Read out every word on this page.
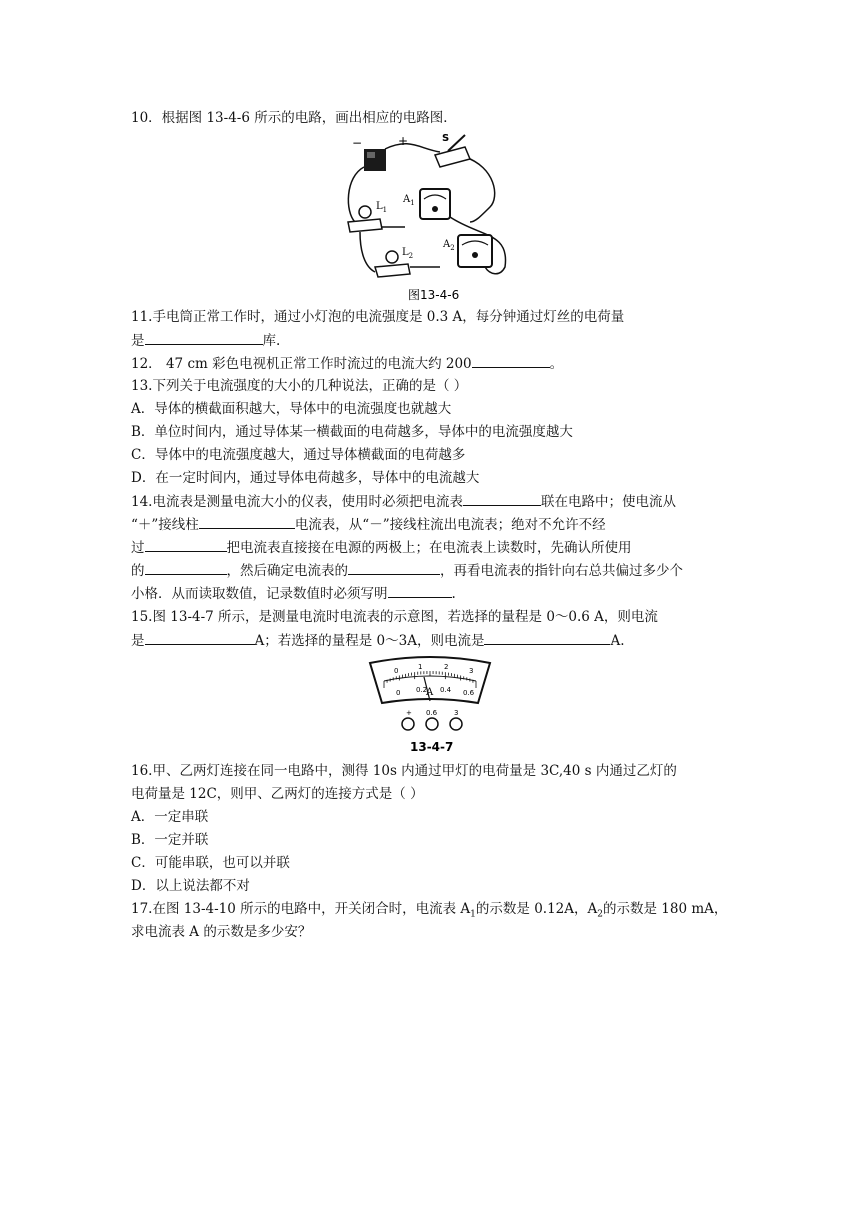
10．根据图 13-4-6 所示的电路，画出相应的电路图．
−	+	S
$L_1$
$A_1$
$L_2$
$A_2$
图13-4-6
11.手电筒正常工作时，通过小灯泡的电流强度是 0.3 A，每分钟通过灯丝的电荷量
是	库.
12． 47 cm 彩色电视机正常工作时流过的电流大约 200	。
13.下列关于电流强度的大小的几种说法，正确的是（ ）
A．导体的横截面积越大，导体中的电流强度也就越大
B．单位时间内，通过导体某一横截面的电荷越多，导体中的电流强度越大
C．导体中的电流强度越大，通过导体横截面的电荷越多
D．在一定时间内，通过导体电荷越多，导体中的电流越大
14.电流表是测量电流大小的仪表，使用时必须把电流表	联在电路中；使电流从
“＋”接线柱	电流表，从“－”接线柱流出电流表；绝对不允许不经
过	把电流表直接接在电源的两极上；在电流表上读数时，先确认所使用
的	，然后确定电流表的	，再看电流表的指针向右总共偏过多少个
小格．从而读取数值，记录数值时必须写明	.
15.图 13-4-7 所示，是测量电流时电流表的示意图，若选择的量程是 0～0.6 A，则电流
是	A；若选择的量程是 0～3A，则电流是	A.
0	1	2	3
0 0.2 0.4 0.6
A
+ 0.6 3
13-4-7
16.甲、乙两灯连接在同一电路中，测得 10s 内通过甲灯的电荷量是 3C,40 s 内通过乙灯的
电荷量是 12C，则甲、乙两灯的连接方式是（ ）
A．一定串联
B．一定并联
C．可能串联，也可以并联
D．以上说法都不对
17.在图 13-4-10 所示的电路中，开关闭合时，电流表 $A_1$的示数是 0.12A，$A_2$的示数是 180 mA，
求电流表 A 的示数是多少安？
